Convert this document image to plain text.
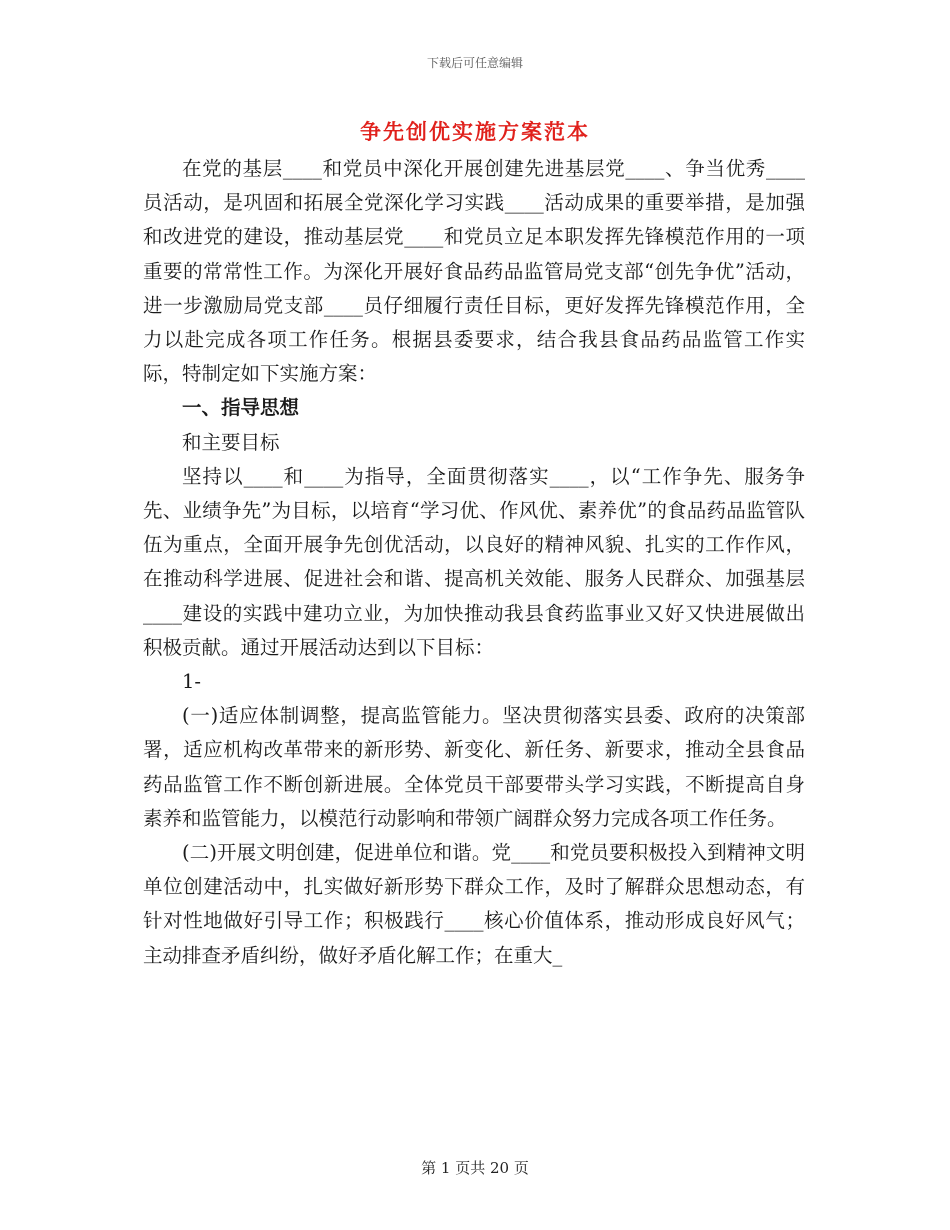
下载后可任意编辑
争先创优实施方案范本

在党的基层____和党员中深化开展创建先进基层党____、争当优秀____员活动，是巩固和拓展全党深化学习实践____活动成果的重要举措，是加强和改进党的建设，推动基层党____和党员立足本职发挥先锋模范作用的一项重要的常常性工作。为深化开展好食品药品监管局党支部“创先争优”活动，进一步激励局党支部____员仔细履行责任目标，更好发挥先锋模范作用，全力以赴完成各项工作任务。根据县委要求，结合我县食品药品监管工作实际，特制定如下实施方案：

一、指导思想

和主要目标

坚持以____和____为指导，全面贯彻落实____，以“工作争先、服务争先、业绩争先”为目标，以培育“学习优、作风优、素养优”的食品药品监管队伍为重点，全面开展争先创优活动，以良好的精神风貌、扎实的工作作风，在推动科学进展、促进社会和谐、提高机关效能、服务人民群众、加强基层____建设的实践中建功立业，为加快推动我县食药监事业又好又快进展做出积极贡献。通过开展活动达到以下目标：

1-

(一)适应体制调整，提高监管能力。坚决贯彻落实县委、政府的决策部署，适应机构改革带来的新形势、新变化、新任务、新要求，推动全县食品药品监管工作不断创新进展。全体党员干部要带头学习实践，不断提高自身素养和监管能力，以模范行动影响和带领广阔群众努力完成各项工作任务。

(二)开展文明创建，促进单位和谐。党____和党员要积极投入到精神文明单位创建活动中，扎实做好新形势下群众工作，及时了解群众思想动态，有针对性地做好引导工作；积极践行____核心价值体系，推动形成良好风气；主动排查矛盾纠纷，做好矛盾化解工作；在重大_

第 1 页共 20 页
